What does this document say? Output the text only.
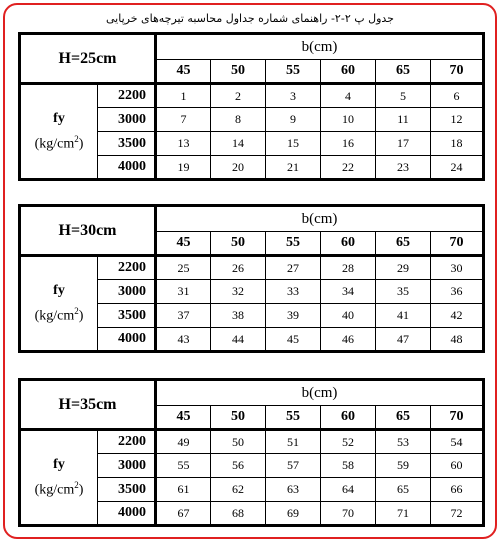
جدول پ ۲-۲- راهنمای شماره جداول محاسبه تیرچه‌های خرپایی
H=25cm		b(cm)					
		45	50	55	60	65	70

fy
$(kg/cm^2)$	2200	1	2	3	4	5	6
	3000	7	8	9	10	11	12
	3500	13	14	15	16	17	18
	4000	19	20	21	22	23	24
H=30cm		b(cm)					
		45	50	55	60	65	70

fy
$(kg/cm^2)$	2200	25	26	27	28	29	30
	3000	31	32	33	34	35	36
	3500	37	38	39	40	41	42
	4000	43	44	45	46	47	48
H=35cm		b(cm)					
		45	50	55	60	65	70

fy
$(kg/cm^2)$	2200	49	50	51	52	53	54
	3000	55	56	57	58	59	60
	3500	61	62	63	64	65	66
	4000	67	68	69	70	71	72
